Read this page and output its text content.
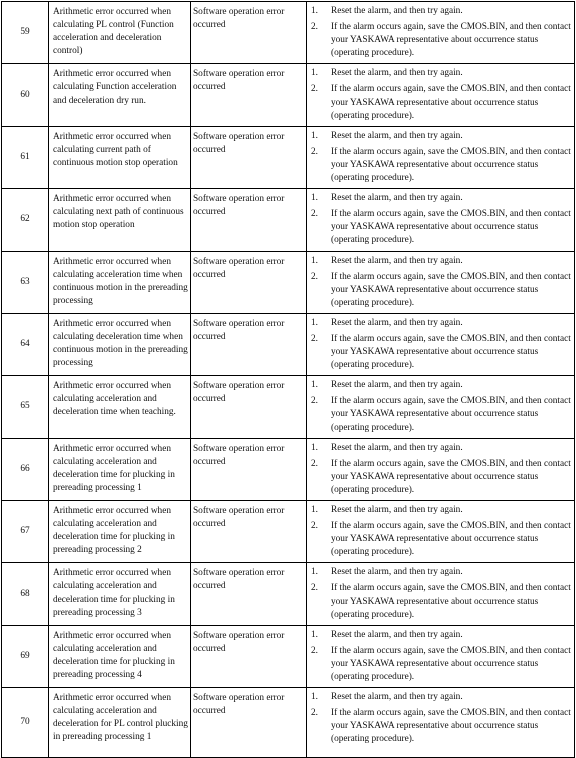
59	Arithmetic error occurred when calculating PL control (Function acceleration and deceleration control)	Software operation error occurred	1. Reset the alarm, and then try again.
2. If the alarm occurs again, save the CMOS.BIN, and then contact your YASKAWA representative about occurrence status (operating procedure).

60	Arithmetic error occurred when calculating Function acceleration and deceleration dry run.	Software operation error occurred	1. Reset the alarm, and then try again.
2. If the alarm occurs again, save the CMOS.BIN, and then contact your YASKAWA representative about occurrence status (operating procedure).

61	Arithmetic error occurred when calculating current path of continuous motion stop operation	Software operation error occurred	1. Reset the alarm, and then try again.
2. If the alarm occurs again, save the CMOS.BIN, and then contact your YASKAWA representative about occurrence status (operating procedure).

62	Arithmetic error occurred when calculating next path of continuous motion stop operation	Software operation error occurred	1. Reset the alarm, and then try again.
2. If the alarm occurs again, save the CMOS.BIN, and then contact your YASKAWA representative about occurrence status (operating procedure).

63	Arithmetic error occurred when calculating acceleration time when continuous motion in the prereading processing	Software operation error occurred	1. Reset the alarm, and then try again.
2. If the alarm occurs again, save the CMOS.BIN, and then contact your YASKAWA representative about occurrence status (operating procedure).

64	Arithmetic error occurred when calculating deceleration time when continuous motion in the prereading processing	Software operation error occurred	1. Reset the alarm, and then try again.
2. If the alarm occurs again, save the CMOS.BIN, and then contact your YASKAWA representative about occurrence status (operating procedure).

65	Arithmetic error occurred when calculating acceleration and deceleration time when teaching.	Software operation error occurred	1. Reset the alarm, and then try again.
2. If the alarm occurs again, save the CMOS.BIN, and then contact your YASKAWA representative about occurrence status (operating procedure).

66	Arithmetic error occurred when calculating acceleration and deceleration time for plucking in prereading processing 1	Software operation error occurred	1. Reset the alarm, and then try again.
2. If the alarm occurs again, save the CMOS.BIN, and then contact your YASKAWA representative about occurrence status (operating procedure).

67	Arithmetic error occurred when calculating acceleration and deceleration time for plucking in prereading processing 2	Software operation error occurred	1. Reset the alarm, and then try again.
2. If the alarm occurs again, save the CMOS.BIN, and then contact your YASKAWA representative about occurrence status (operating procedure).

68	Arithmetic error occurred when calculating acceleration and deceleration time for plucking in prereading processing 3	Software operation error occurred	1. Reset the alarm, and then try again.
2. If the alarm occurs again, save the CMOS.BIN, and then contact your YASKAWA representative about occurrence status (operating procedure).

69	Arithmetic error occurred when calculating acceleration and deceleration time for plucking in prereading processing 4	Software operation error occurred	1. Reset the alarm, and then try again.
2. If the alarm occurs again, save the CMOS.BIN, and then contact your YASKAWA representative about occurrence status (operating procedure).

70	Arithmetic error occurred when calculating acceleration and deceleration for PL control plucking in prereading processing 1	Software operation error occurred	1. Reset the alarm, and then try again.
2. If the alarm occurs again, save the CMOS.BIN, and then contact your YASKAWA representative about occurrence status (operating procedure).
